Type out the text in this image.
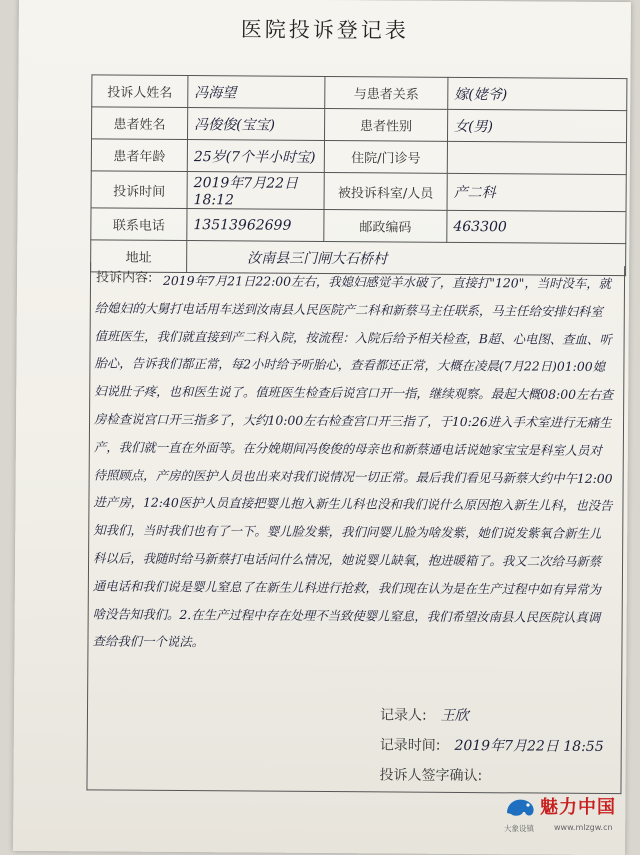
医院投诉登记表
投诉人姓名	冯海望	与患者关系	嫁(姥爷)
患者姓名	冯俊俊(宝宝)	患者性别	女(男)
患者年龄	25岁(7个半小时宝)	住院/门诊号	
投诉时间	2019年7月22日 18:12	被投诉科室/人员	产二科
联系电话	13513962699	邮政编码	463300
地址	汝南县三门闸大石桥村		
投诉内容: 2019年7月21日22:00左右，我媳妇感觉羊水破了，直接打"120"，当时没车，就给媳妇的大舅打电话用车送到汝南县人民医院产二科和新蔡马主任联系，马主任给安排妇科室值班医生，我们就直接到产二科入院，按流程：入院后给予相关检查，B超、心电图、查血、听胎心，告诉我们都正常，每2小时给予听胎心，查看都还正常，大概在凌晨(7月22日)01:00媳妇说肚子疼，也和医生说了。值班医生检查后说宫口开一指，继续观察。最起大概08:00左右查房检查说宫口开三指多了，大约10:00左右检查宫口开三指了，于10:26进入手术室进行无痛生产，我们就一直在外面等。在分娩期间冯俊俊的母亲也和新蔡通电话说她家宝宝是科室人员对待照顾点，产房的医护人员也出来对我们说情况一切正常。最后我们看见马新蔡大约中午12:00进产房，12:40医护人员直接把婴儿抱入新生儿科也没和我们说什么原因抱入新生儿科，也没告知我们，当时我们也有了一下。婴儿脸发紫，我们问婴儿脸为啥发紫，她们说发紫氧合新生儿科以后，我随时给马新蔡打电话问什么情况，她说婴儿缺氧，抱进暖箱了。我又二次给马新蔡通电话和我们说是婴儿窒息了在新生儿科进行抢救，我们现在认为是在生产过程中如有异常为啥没告知我们。2.在生产过程中存在处理不当致使婴儿窒息，我们希望汝南县人民医院认真调查给我们一个说法。
记录人: 王欣
记录时间: 2019年7月22日 18:55
投诉人签字确认:
魅力中国
大象设镇	www.mlzgw.cn
